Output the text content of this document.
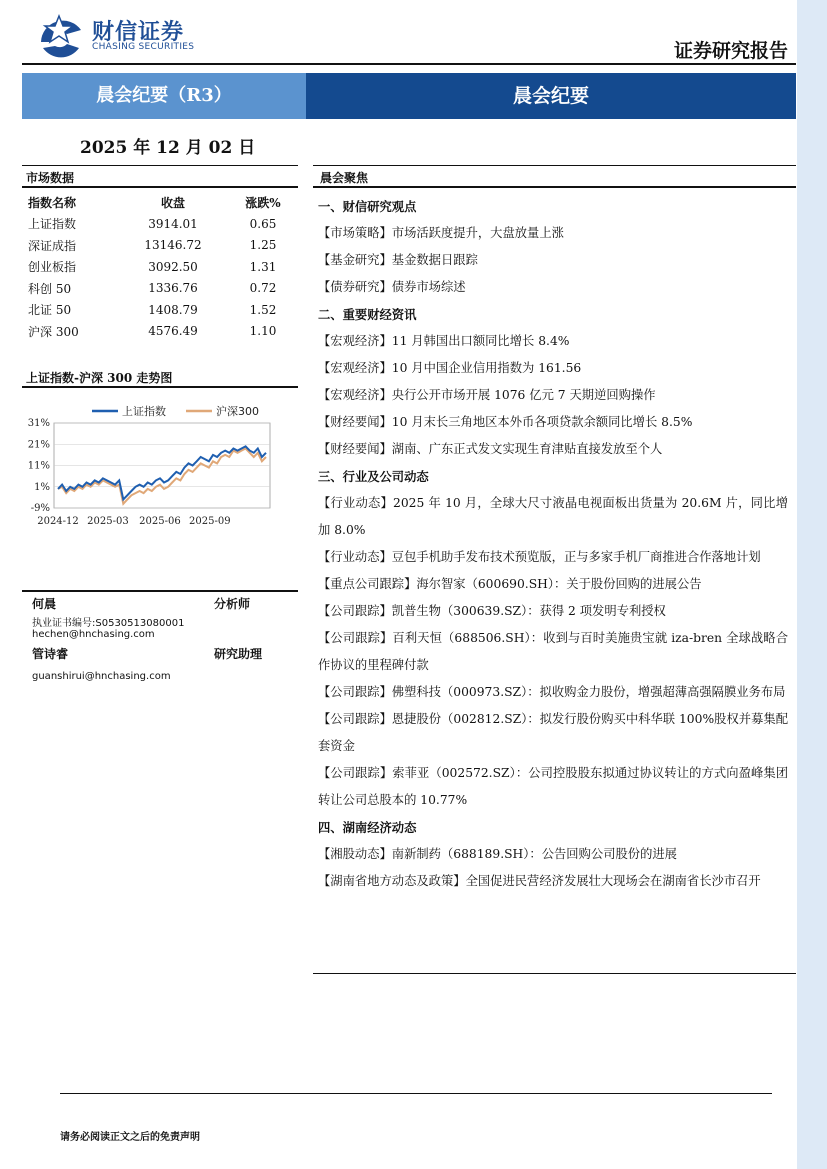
财信证券
CHASING SECURITIES	证券研究报告
晨会纪要（R3）	晨会纪要
2025 年 12 月 02 日
市场数据
指数名称	收盘	涨跌%
上证指数	3914.01	0.65
深证成指	13146.72	1.25
创业板指	3092.50	1.31
科创 50	1336.76	0.72
北证 50	1408.79	1.52
沪深 300	4576.49	1.10
上证指数-沪深 300 走势图
31%
21%
11%
1%
-9%
2024-12 2025-03 2025-06 2025-09
上证指数	沪深300
何晨	分析师
执业证书编号:S0530513080001
hechen@hnchasing.com
管诗睿	研究助理
guanshirui@hnchasing.com
晨会聚焦
一、财信研究观点
【市场策略】市场活跃度提升，大盘放量上涨
【基金研究】基金数据日跟踪
【债券研究】债券市场综述
二、重要财经资讯
【宏观经济】11 月韩国出口额同比增长 8.4%
【宏观经济】10 月中国企业信用指数为 161.56
【宏观经济】央行公开市场开展 1076 亿元 7 天期逆回购操作
【财经要闻】10 月末长三角地区本外币各项贷款余额同比增长 8.5%
【财经要闻】湖南、广东正式发文实现生育津贴直接发放至个人
三、行业及公司动态
【行业动态】2025 年 10 月，全球大尺寸液晶电视面板出货量为 20.6M 片，同比增加 8.0%
【行业动态】豆包手机助手发布技术预览版，正与多家手机厂商推进合作落地计划
【重点公司跟踪】海尔智家（600690.SH）：关于股份回购的进展公告
【公司跟踪】凯普生物（300639.SZ）：获得 2 项发明专利授权
【公司跟踪】百利天恒（688506.SH）：收到与百时美施贵宝就 iza-bren 全球战略合作协议的里程碑付款
【公司跟踪】佛塑科技（000973.SZ）：拟收购金力股份，增强超薄高强隔膜业务布局
【公司跟踪】恩捷股份（002812.SZ）：拟发行股份购买中科华联 100%股权并募集配套资金
【公司跟踪】索菲亚（002572.SZ）：公司控股股东拟通过协议转让的方式向盈峰集团转让公司总股本的 10.77%
四、湖南经济动态
【湘股动态】南新制药（688189.SH）：公告回购公司股份的进展
【湖南省地方动态及政策】全国促进民营经济发展壮大现场会在湖南省长沙市召开
请务必阅读正文之后的免责声明
